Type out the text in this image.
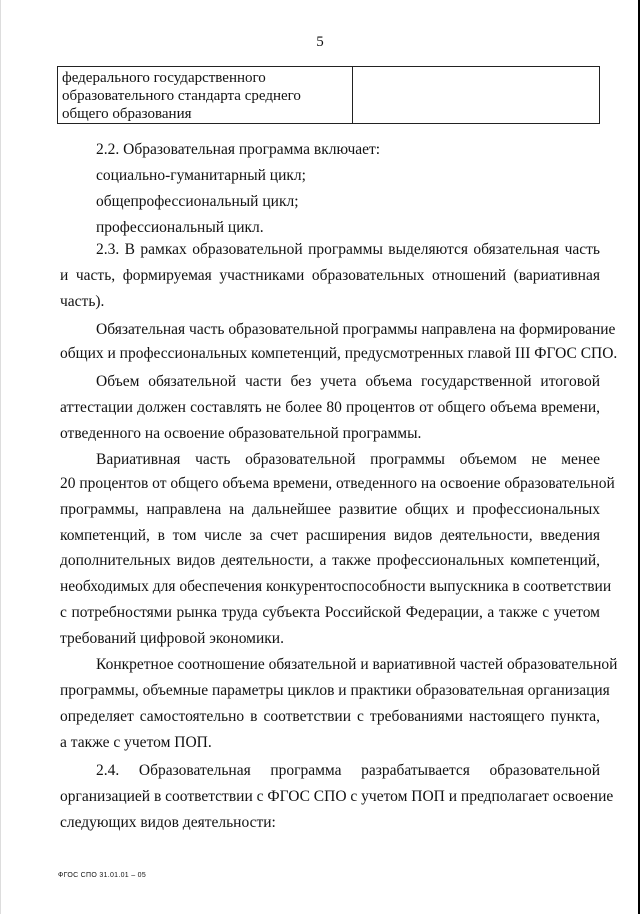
5
федерального государственного
образовательного стандарта среднего
общего образования

2.2. Образовательная программа включает:
социально-гуманитарный цикл;
общепрофессиональный цикл;
профессиональный цикл.
2.3. В рамках образовательной программы выделяются обязательная часть
и часть, формируемая участниками образовательных отношений (вариативная
часть).
Обязательная часть образовательной программы направлена на формирование
общих и профессиональных компетенций, предусмотренных главой III ФГОС СПО.
Объем обязательной части без учета объема государственной итоговой
аттестации должен составлять не более 80 процентов от общего объема времени,
отведенного на освоение образовательной программы.
Вариативная часть образовательной программы объемом не менее
20 процентов от общего объема времени, отведенного на освоение образовательной
программы, направлена на дальнейшее развитие общих и профессиональных
компетенций, в том числе за счет расширения видов деятельности, введения
дополнительных видов деятельности, а также профессиональных компетенций,
необходимых для обеспечения конкурентоспособности выпускника в соответствии
с потребностями рынка труда субъекта Российской Федерации, а также с учетом
требований цифровой экономики.
Конкретное соотношение обязательной и вариативной частей образовательной
программы, объемные параметры циклов и практики образовательная организация
определяет самостоятельно в соответствии с требованиями настоящего пункта,
а также с учетом ПОП.
2.4. Образовательная программа разрабатывается образовательной
организацией в соответствии с ФГОС СПО с учетом ПОП и предполагает освоение
следующих видов деятельности:
ФГОС СПО 31.01.01 – 05
